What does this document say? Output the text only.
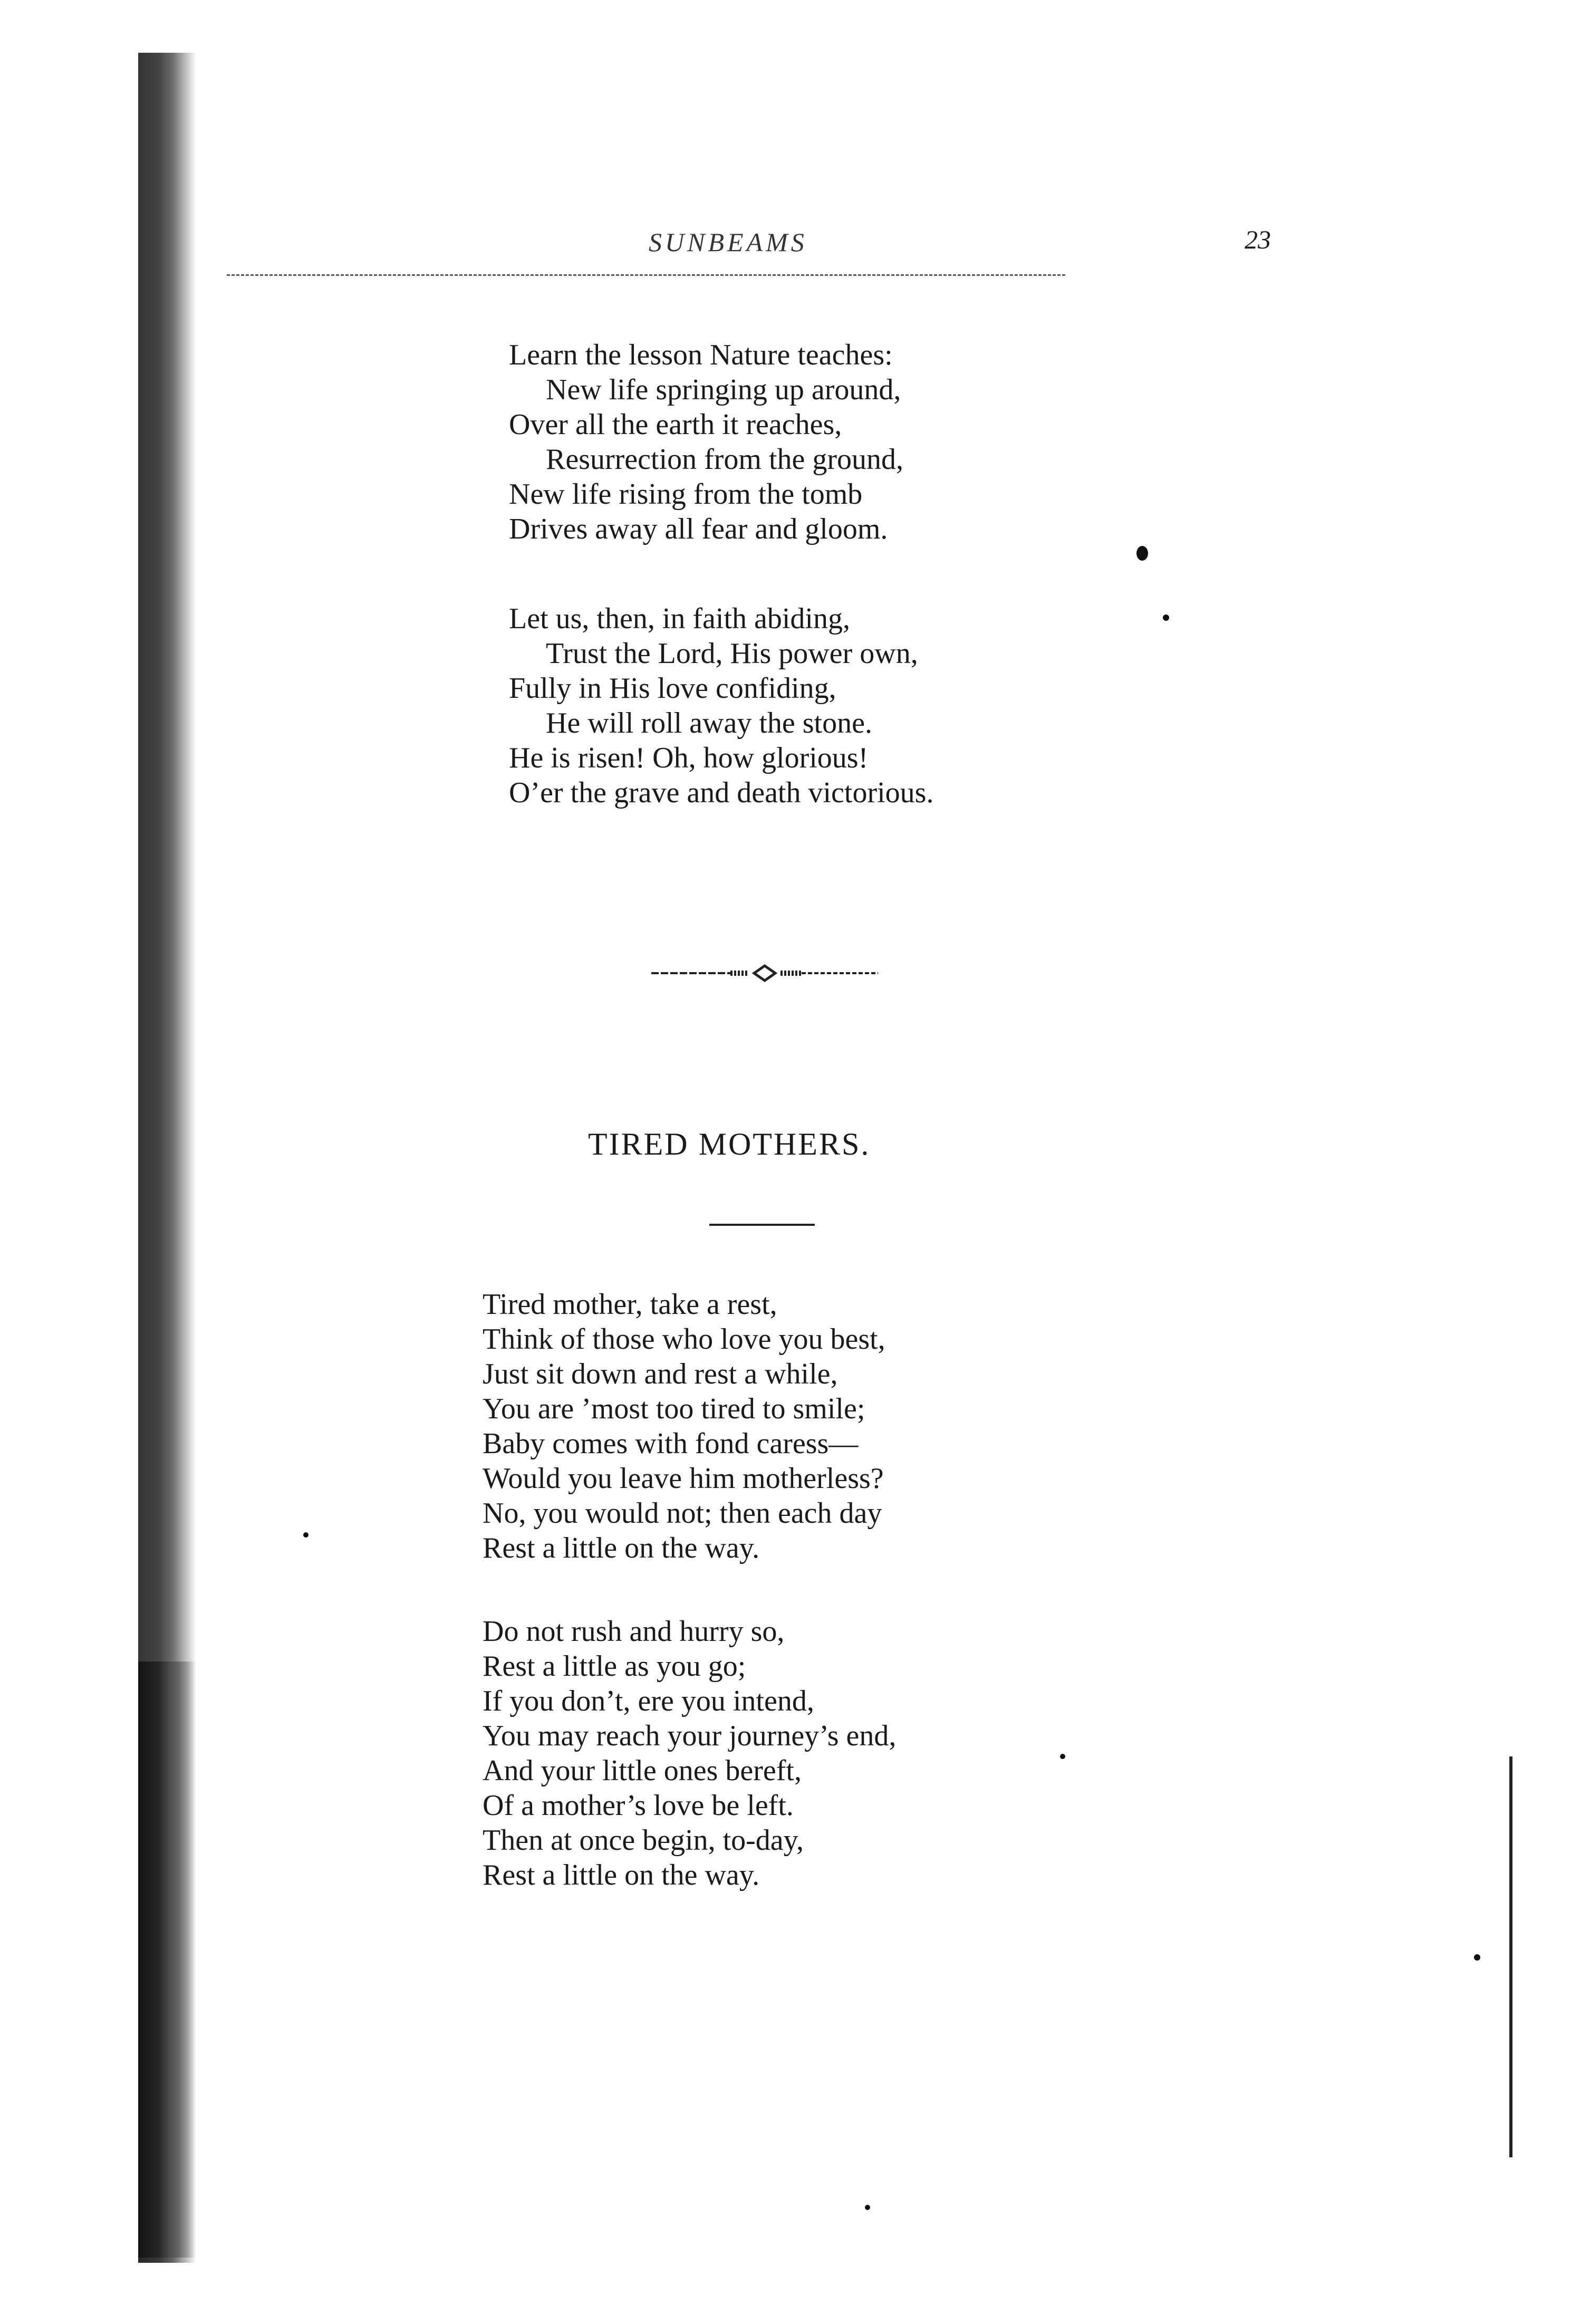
SUNBEAMS	23
Learn the lesson Nature teaches:
New life springing up around,
Over all the earth it reaches,
Resurrection from the ground,
New life rising from the tomb
Drives away all fear and gloom.
Let us, then, in faith abiding,
Trust the Lord, His power own,
Fully in His love confiding,
He will roll away the stone.
He is risen! Oh, how glorious!
O’er the grave and death victorious.
TIRED MOTHERS.
Tired mother, take a rest,
Think of those who love you best,
Just sit down and rest a while,
You are ’most too tired to smile;
Baby comes with fond caress—
Would you leave him motherless?
No, you would not; then each day
Rest a little on the way.
Do not rush and hurry so,
Rest a little as you go;
If you don’t, ere you intend,
You may reach your journey’s end,
And your little ones bereft,
Of a mother’s love be left.
Then at once begin, to-day,
Rest a little on the way.
